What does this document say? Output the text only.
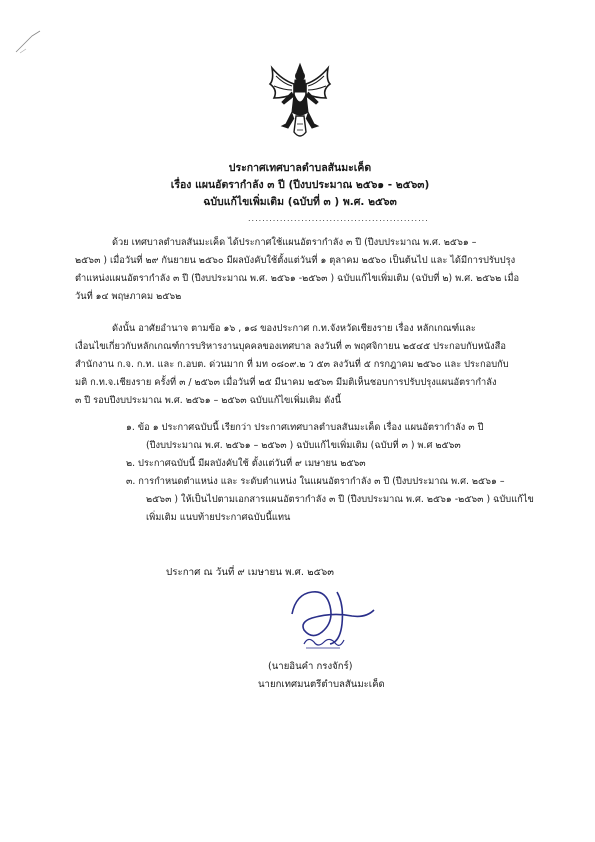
ประกาศเทศบาลตำบลสันมะเค็ด
เรื่อง แผนอัตรากำลัง ๓ ปี (ปีงบประมาณ ๒๕๖๑ - ๒๕๖๓)
ฉบับแก้ไขเพิ่มเติม (ฉบับที่ ๓ ) พ.ศ. ๒๕๖๓
...................................................
ด้วย เทศบาลตำบลสันมะเค็ด ได้ประกาศใช้แผนอัตรากำลัง ๓ ปี (ปีงบประมาณ พ.ศ. ๒๕๖๑ –
๒๕๖๓ ) เมื่อวันที่ ๒๙ กันยายน ๒๕๖๐ มีผลบังคับใช้ตั้งแต่วันที่ ๑ ตุลาคม ๒๕๖๐ เป็นต้นไป และ ได้มีการปรับปรุง
ตำแหน่งแผนอัตรากำลัง ๓ ปี (ปีงบประมาณ พ.ศ. ๒๕๖๑ -๒๕๖๓ ) ฉบับแก้ไขเพิ่มเติม (ฉบับที่ ๒) พ.ศ. ๒๕๖๒ เมื่อ
วันที่ ๑๔ พฤษภาคม ๒๕๖๒
ดังนั้น อาศัยอำนาจ ตามข้อ ๑๖ , ๑๘ ของประกาศ ก.ท.จังหวัดเชียงราย เรื่อง หลักเกณฑ์และ
เงื่อนไขเกี่ยวกับหลักเกณฑ์การบริหารงานบุคคลของเทศบาล ลงวันที่ ๓ พฤศจิกายน ๒๕๔๕ ประกอบกับหนังสือ
สำนักงาน ก.จ. ก.ท. และ ก.อบต. ด่วนมาก ที่ มท ๐๘๐๙.๒ ว ๕๓ ลงวันที่ ๕ กรกฎาคม ๒๕๖๐ และ ประกอบกับ
มติ ก.ท.จ.เชียงราย ครั้งที่ ๓ / ๒๕๖๓ เมื่อวันที่ ๒๕ มีนาคม ๒๕๖๓ มีมติเห็นชอบการปรับปรุงแผนอัตรากำลัง
๓ ปี รอบปีงบประมาณ พ.ศ. ๒๕๖๑ – ๒๕๖๓ ฉบับแก้ไขเพิ่มเติม ดังนี้
๑. ข้อ ๑ ประกาศฉบับนี้ เรียกว่า ประกาศเทศบาลตำบลสันมะเค็ด เรื่อง แผนอัตรากำลัง ๓ ปี
(ปีงบประมาณ พ.ศ. ๒๕๖๑ – ๒๕๖๓ ) ฉบับแก้ไขเพิ่มเติม (ฉบับที่ ๓ ) พ.ศ ๒๕๖๓
๒. ประกาศฉบับนี้ มีผลบังคับใช้ ตั้งแต่วันที่ ๙ เมษายน ๒๕๖๓
๓. การกำหนดตำแหน่ง และ ระดับตำแหน่ง ในแผนอัตรากำลัง ๓ ปี (ปีงบประมาณ พ.ศ. ๒๕๖๑ –
๒๕๖๓ ) ให้เป็นไปตามเอกสารแผนอัตรากำลัง ๓ ปี (ปีงบประมาณ พ.ศ. ๒๕๖๑ -๒๕๖๓ ) ฉบับแก้ไข
เพิ่มเติม แนบท้ายประกาศฉบับนี้แทน
ประกาศ ณ วันที่ ๙ เมษายน พ.ศ. ๒๕๖๓
(นายอินคำ กรงจักร์)
นายกเทศมนตรีตำบลสันมะเค็ด
